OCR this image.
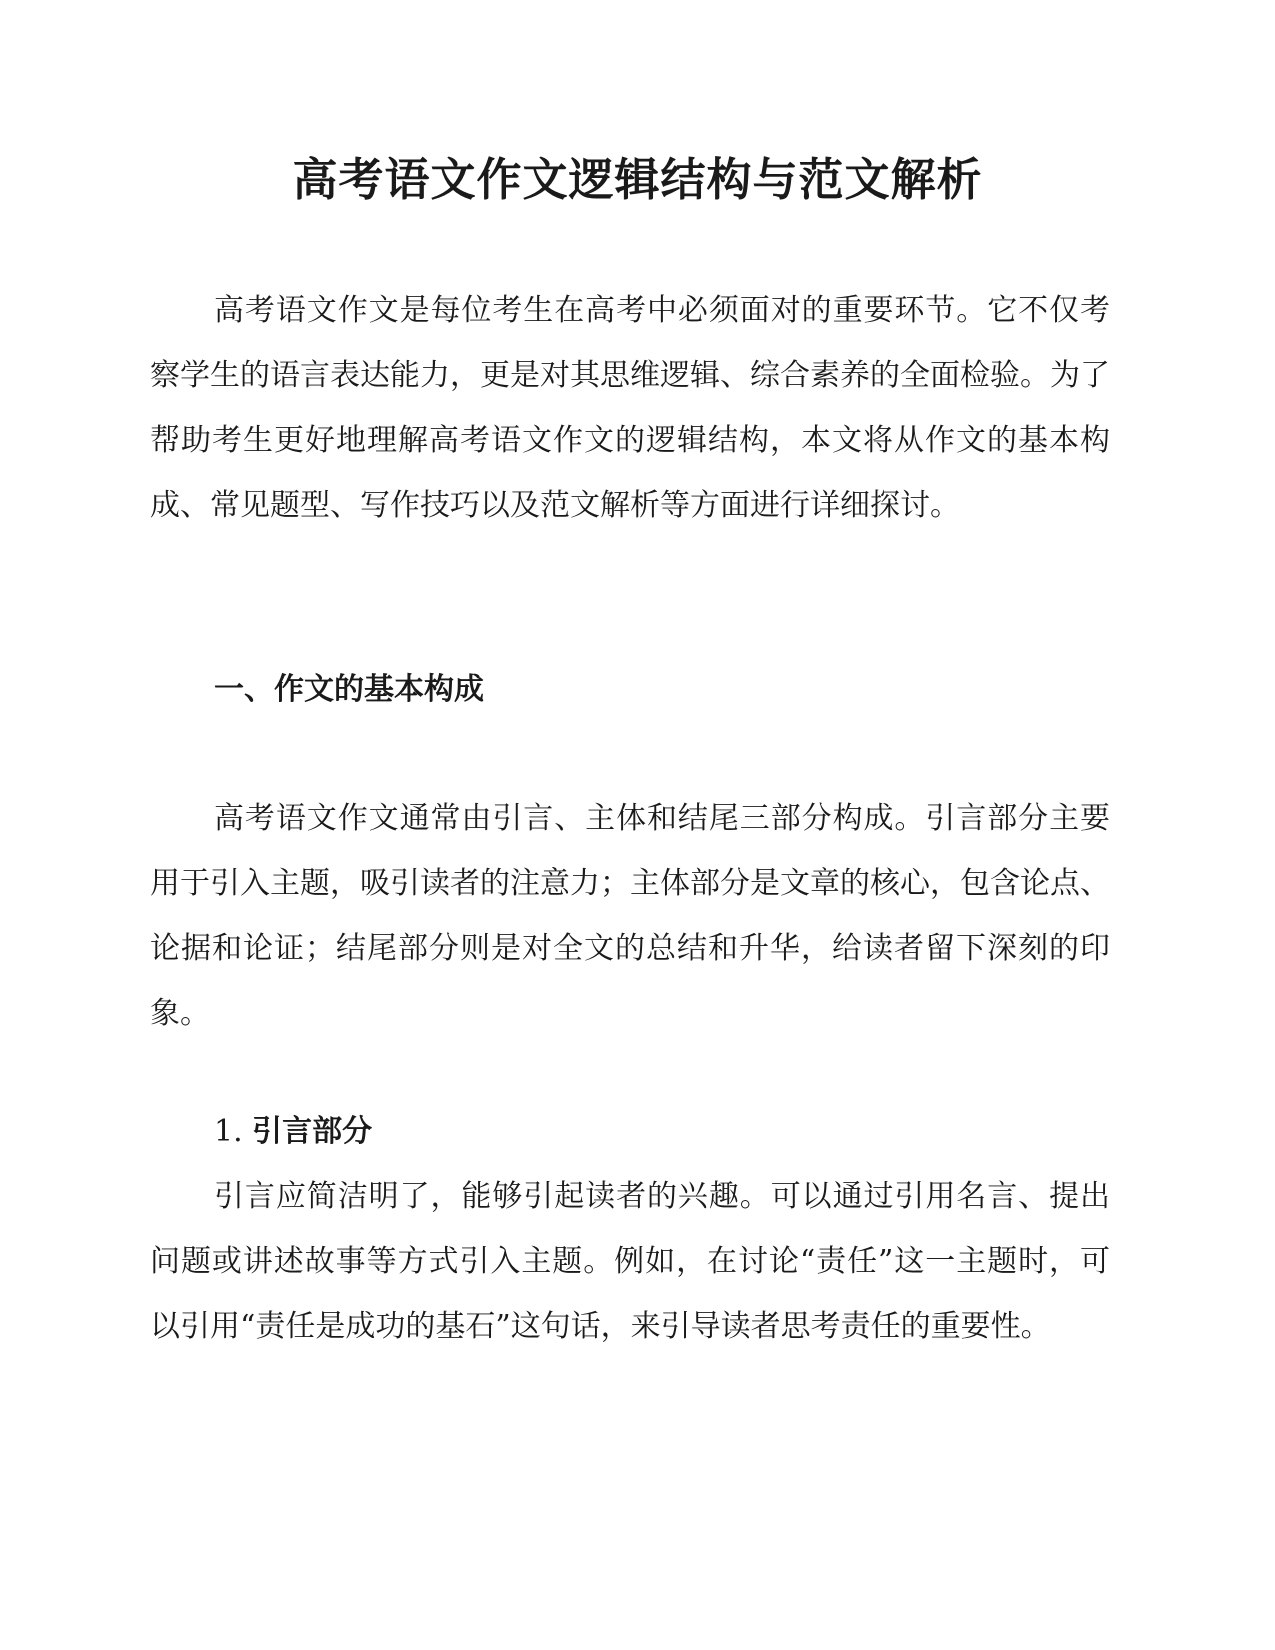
高考语文作文逻辑结构与范文解析

高考语文作文是每位考生在高考中必须面对的重要环节。它不仅考察学生的语言表达能力，更是对其思维逻辑、综合素养的全面检验。为了帮助考生更好地理解高考语文作文的逻辑结构，本文将从作文的基本构成、常见题型、写作技巧以及范文解析等方面进行详细探讨。

一、作文的基本构成

高考语文作文通常由引言、主体和结尾三部分构成。引言部分主要用于引入主题，吸引读者的注意力；主体部分是文章的核心，包含论点、论据和论证；结尾部分则是对全文的总结和升华，给读者留下深刻的印象。

1. 引言部分

引言应简洁明了，能够引起读者的兴趣。可以通过引用名言、提出问题或讲述故事等方式引入主题。例如，在讨论“责任”这一主题时，可以引用“责任是成功的基石”这句话，来引导读者思考责任的重要性。
